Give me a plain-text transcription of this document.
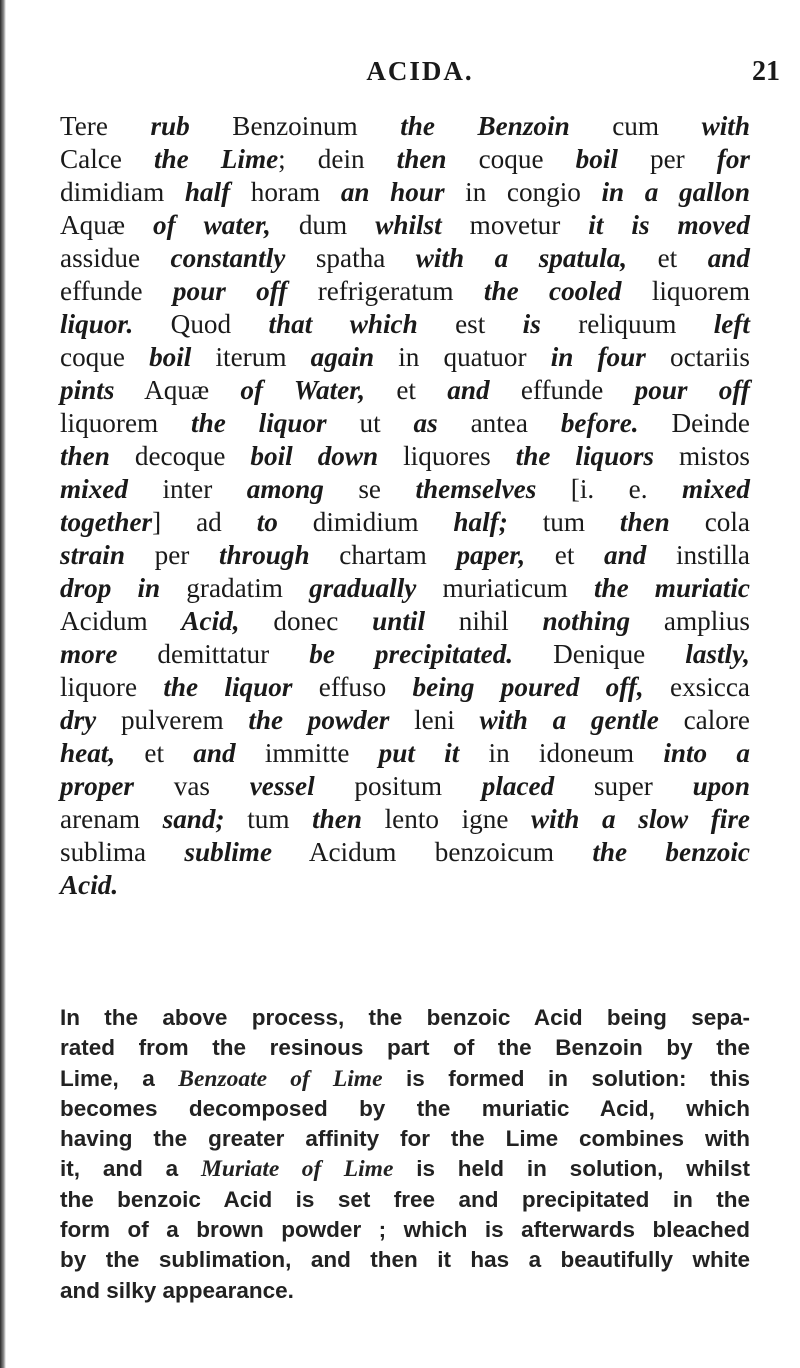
ACIDA.	21
Tere rub Benzoinum the Benzoin cum with
Calce the Lime; dein then coque boil per for
dimidiam half horam an hour in congio in a gallon
Aquæ of water, dum whilst movetur it is moved
assidue constantly spatha with a spatula, et and
effunde pour off refrigeratum the cooled liquorem
liquor. Quod that which est is reliquum left
coque boil iterum again in quatuor in four octariis
pints Aquæ of Water, et and effunde pour off
liquorem the liquor ut as antea before. Deinde
then decoque boil down liquores the liquors mistos
mixed inter among se themselves [i. e. mixed
together] ad to dimidium half; tum then cola
strain per through chartam paper, et and instilla
drop in gradatim gradually muriaticum the muriatic
Acidum Acid, donec until nihil nothing amplius
more demittatur be precipitated. Denique lastly,
liquore the liquor effuso being poured off, exsicca
dry pulverem the powder leni with a gentle calore
heat, et and immitte put it in idoneum into a
proper vas vessel positum placed super upon
arenam sand; tum then lento igne with a slow fire
sublima sublime Acidum benzoicum the benzoic
Acid.
In the above process, the benzoic Acid being sepa-
rated from the resinous part of the Benzoin by the
Lime, a Benzoate of Lime is formed in solution: this
becomes decomposed by the muriatic Acid, which
having the greater affinity for the Lime combines with
it, and a Muriate of Lime is held in solution, whilst
the benzoic Acid is set free and precipitated in the
form of a brown powder ; which is afterwards bleached
by the sublimation, and then it has a beautifully white
and silky appearance.
